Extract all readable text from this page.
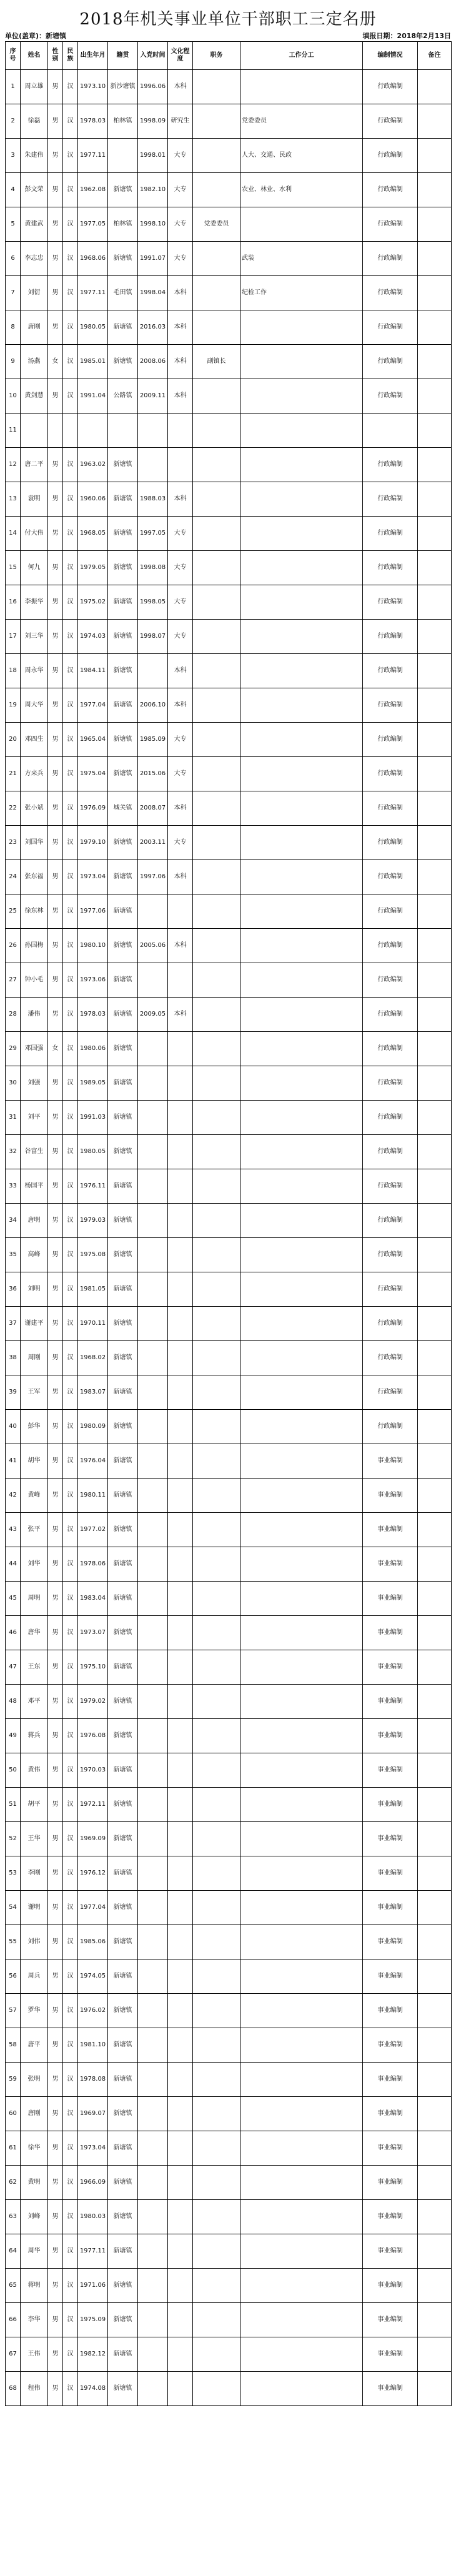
2018年机关事业单位干部职工三定名册
单位(盖章)：新塘镇	填报日期：2018年2月13日
序号	姓名	性别	民族	出生年月	籍贯	入党时间	文化程度	职务	工作分工	编制情况	备注
1	周立雄	男	汉	1973.10	新沙塘镇	1996.06	本科			行政编制	
2	徐磊	男	汉	1978.03	柏林镇	1998.09	研究生		党委委员	行政编制	
3	朱建伟	男	汉	1977.11		1998.01	大专		人大、交通、民政	行政编制	
4	彭文荣	男	汉	1962.08	新塘镇	1982.10	大专		农业、林业、水利	行政编制	
5	黄建武	男	汉	1977.05	柏林镇	1998.10	大专	党委委员		行政编制	
6	李志忠	男	汉	1968.06	新塘镇	1991.07	大专		武装	行政编制	
7	刘衍	男	汉	1977.11	毛田镇	1998.04	本科		纪检工作	行政编制	
8	唐刚	男	汉	1980.05	新塘镇	2016.03	本科			行政编制	
9	汤燕	女	汉	1985.01	新塘镇	2008.06	本科	副镇长		行政编制	
10	黄剑慧	男	汉	1991.04	公路镇	2009.11	本科			行政编制	
11											
12	唐二平	男	汉	1963.02	新塘镇					行政编制	
13	袁明	男	汉	1960.06	新塘镇	1988.03	本科			行政编制	
14	付大伟	男	汉	1968.05	新塘镇	1997.05	大专			行政编制	
15	何九	男	汉	1979.05	新塘镇	1998.08	大专			行政编制	
16	李振华	男	汉	1975.02	新塘镇	1998.05	大专			行政编制	
17	刘三华	男	汉	1974.03	新塘镇	1998.07	大专			行政编制	
18	周永华	男	汉	1984.11	新塘镇		本科			行政编制	
19	周大华	男	汉	1977.04	新塘镇	2006.10	本科			行政编制	
20	邓四生	男	汉	1965.04	新塘镇	1985.09	大专			行政编制	
21	方来兵	男	汉	1975.04	新塘镇	2015.06	大专			行政编制	
22	张小斌	男	汉	1976.09	城关镇	2008.07	本科			行政编制	
23	刘国华	男	汉	1979.10	新塘镇	2003.11	大专			行政编制	
24	张东福	男	汉	1973.04	新塘镇	1997.06	本科			行政编制	
25	徐东林	男	汉	1977.06	新塘镇					行政编制	
26	孙国梅	男	汉	1980.10	新塘镇	2005.06	本科			行政编制	
27	钟小毛	男	汉	1973.06	新塘镇					行政编制	
28	潘伟	男	汉	1978.03	新塘镇	2009.05	本科			行政编制	
29	邓国强	女	汉	1980.06	新塘镇					行政编制	
30	刘强	男	汉	1989.05	新塘镇					行政编制	
31	刘平	男	汉	1991.03	新塘镇					行政编制	
32	谷富生	男	汉	1980.05	新塘镇					行政编制	
33	杨国平	男	汉	1976.11	新塘镇					行政编制	
34	唐明	男	汉	1979.03	新塘镇					行政编制	
35	高峰	男	汉	1975.08	新塘镇					行政编制	
36	刘明	男	汉	1981.05	新塘镇					行政编制	
37	谢建平	男	汉	1970.11	新塘镇					行政编制	
38	周刚	男	汉	1968.02	新塘镇					行政编制	
39	王军	男	汉	1983.07	新塘镇					行政编制	
40	彭华	男	汉	1980.09	新塘镇					行政编制	
41	胡华	男	汉	1976.04	新塘镇					事业编制	
42	黄峰	男	汉	1980.11	新塘镇					事业编制	
43	张平	男	汉	1977.02	新塘镇					事业编制	
44	刘华	男	汉	1978.06	新塘镇					事业编制	
45	周明	男	汉	1983.04	新塘镇					事业编制	
46	唐华	男	汉	1973.07	新塘镇					事业编制	
47	王东	男	汉	1975.10	新塘镇					事业编制	
48	邓平	男	汉	1979.02	新塘镇					事业编制	
49	蒋兵	男	汉	1976.08	新塘镇					事业编制	
50	黄伟	男	汉	1970.03	新塘镇					事业编制	
51	胡平	男	汉	1972.11	新塘镇					事业编制	
52	王华	男	汉	1969.09	新塘镇					事业编制	
53	李刚	男	汉	1976.12	新塘镇					事业编制	
54	谢明	男	汉	1977.04	新塘镇					事业编制	
55	刘伟	男	汉	1985.06	新塘镇					事业编制	
56	周兵	男	汉	1974.05	新塘镇					事业编制	
57	罗华	男	汉	1976.02	新塘镇					事业编制	
58	唐平	男	汉	1981.10	新塘镇					事业编制	
59	张明	男	汉	1978.08	新塘镇					事业编制	
60	唐刚	男	汉	1969.07	新塘镇					事业编制	
61	徐华	男	汉	1973.04	新塘镇					事业编制	
62	黄明	男	汉	1966.09	新塘镇					事业编制	
63	刘峰	男	汉	1980.03	新塘镇					事业编制	
64	周华	男	汉	1977.11	新塘镇					事业编制	
65	蒋明	男	汉	1971.06	新塘镇					事业编制	
66	李华	男	汉	1975.09	新塘镇					事业编制	
67	王伟	男	汉	1982.12	新塘镇					事业编制	
68	程伟	男	汉	1974.08	新塘镇					事业编制	
